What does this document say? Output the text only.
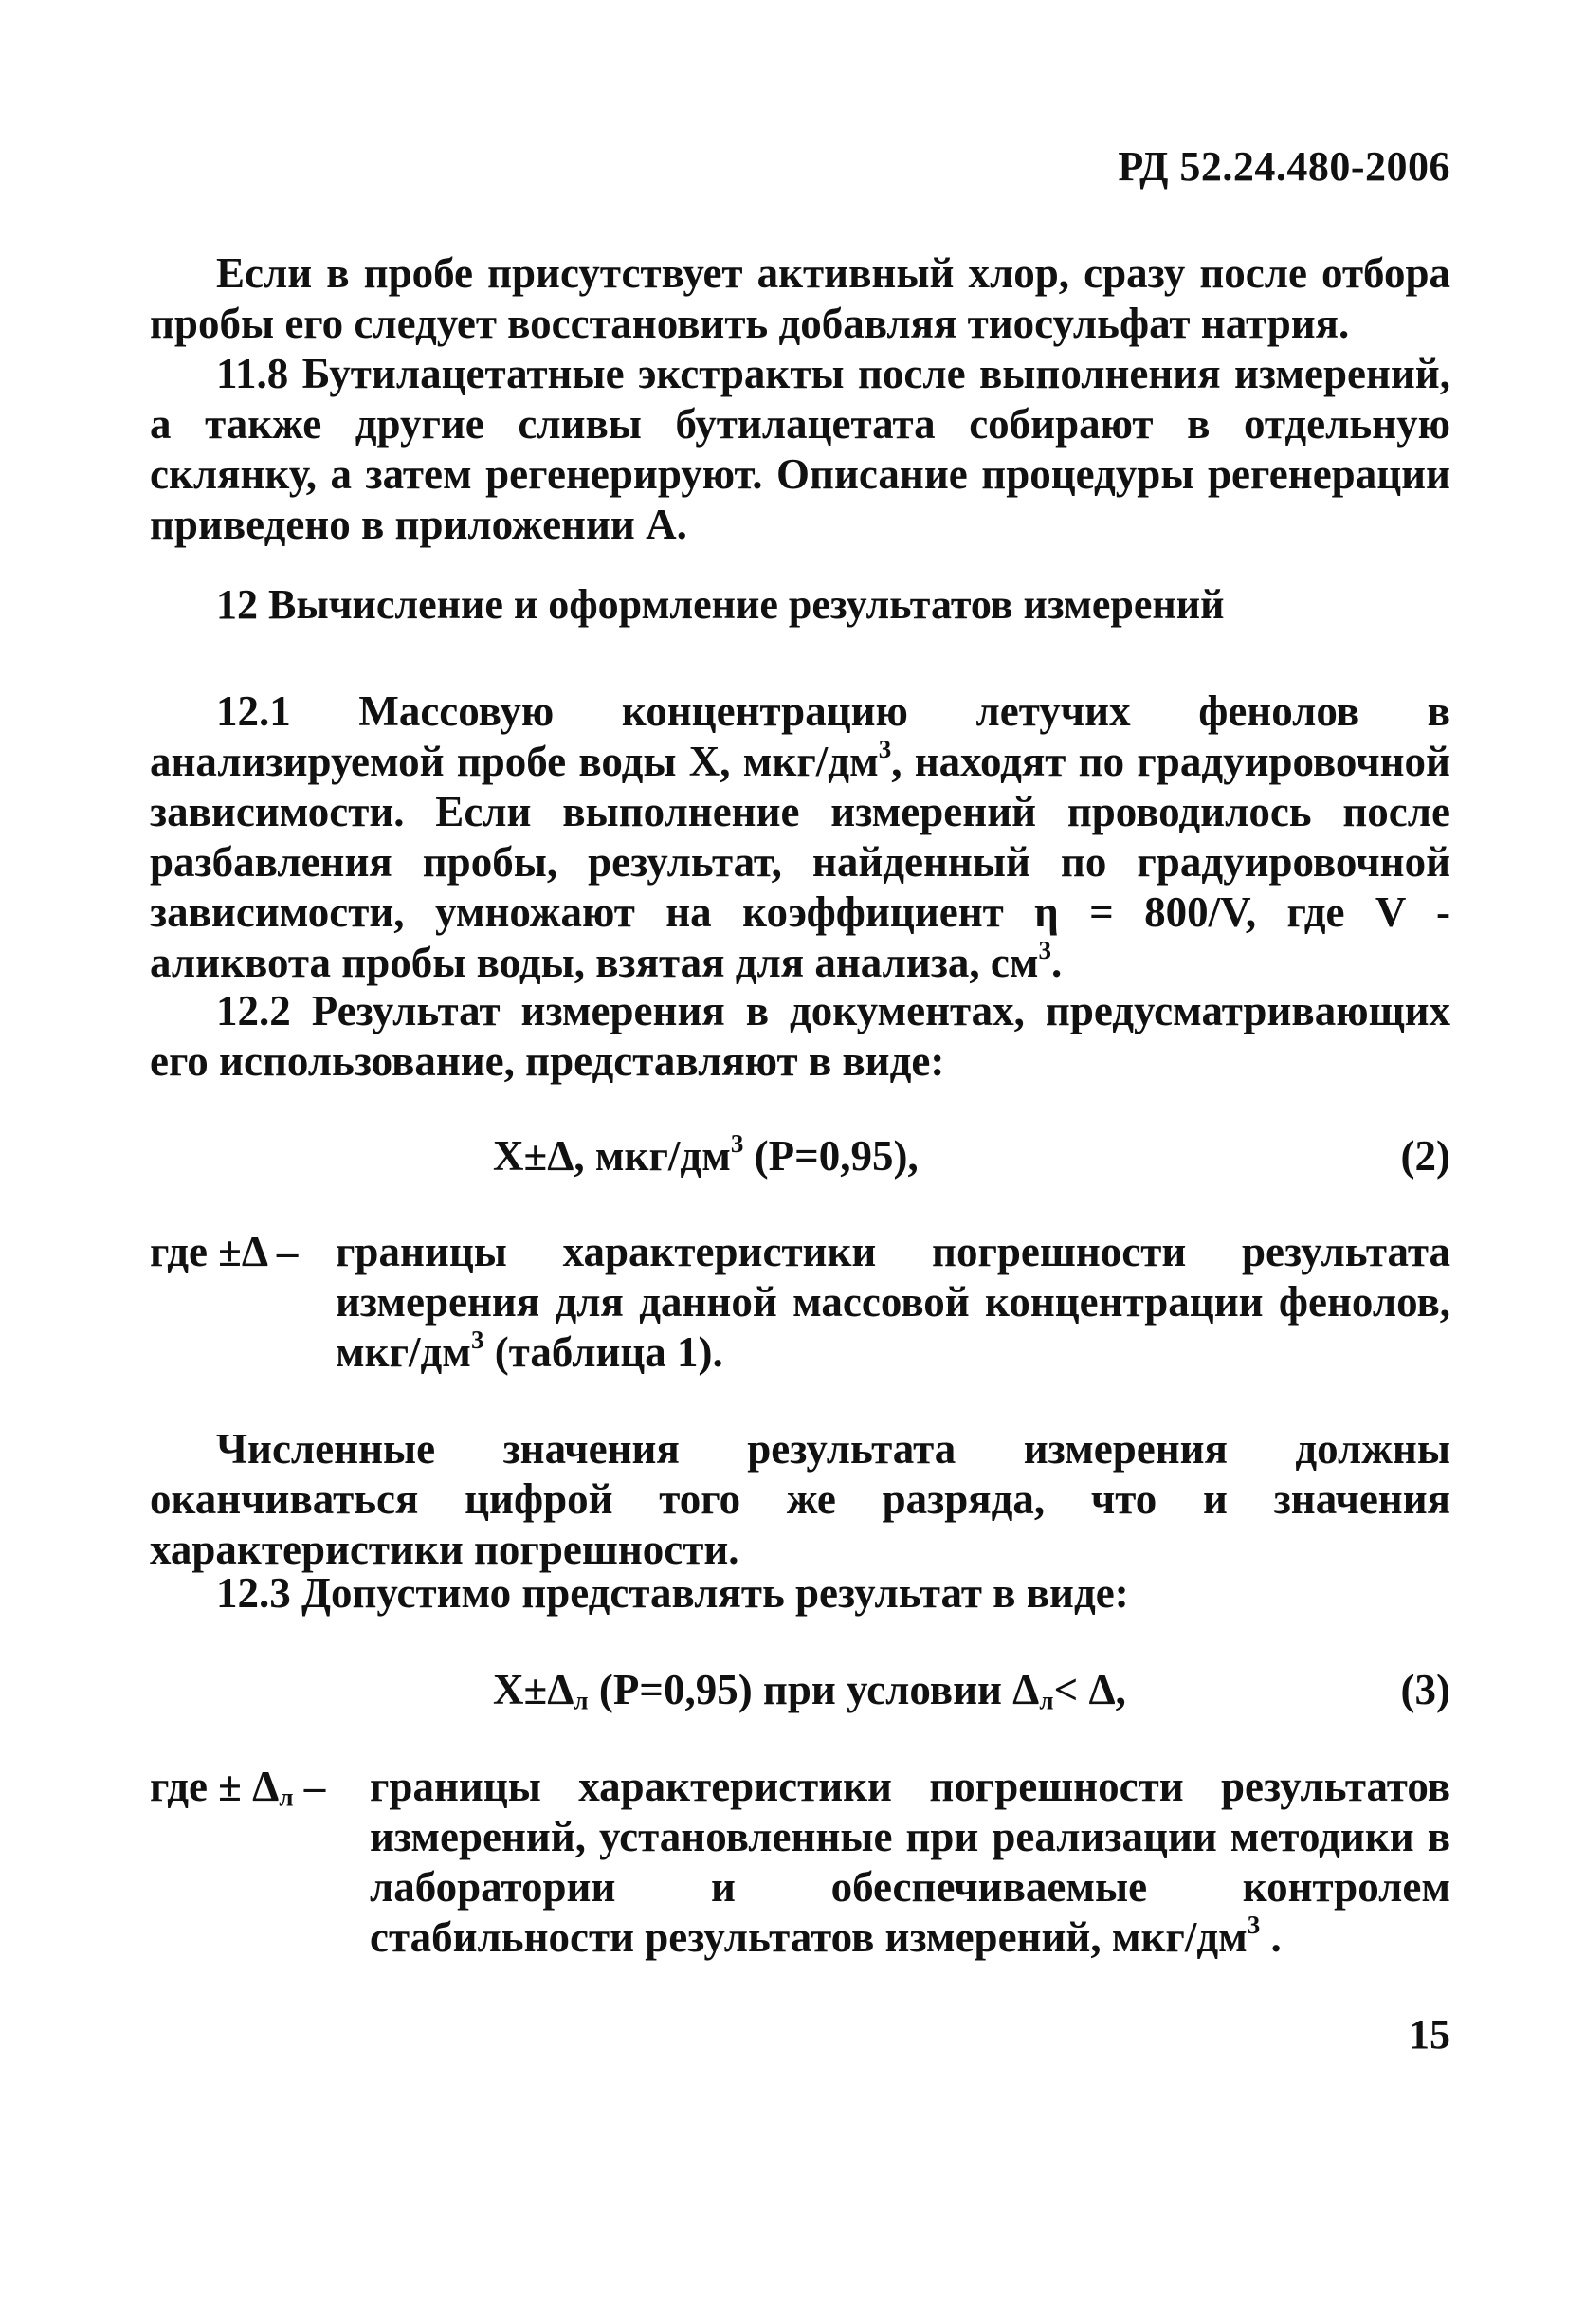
РД 52.24.480-2006

Если в пробе присутствует активный хлор, сразу после отбора пробы его следует восстановить добавляя тиосульфат натрия.

11.8 Бутилацетатные экстракты после выполнения измерений, а также другие сливы бутилацетата собирают в отдельную склянку, а затем регенерируют. Описание процедуры регенерации приведено в приложении А.

12 Вычисление и оформление результатов измерений

12.1 Массовую концентрацию летучих фенолов в анализируемой пробе воды X, мкг/$дм^3$, находят по градуировочной зависимости. Если выполнение измерений проводилось после разбавления пробы, результат, найденный по градуировочной зависимости, умножают на коэффициент η = 800/V, где V - аликвота пробы воды, взятая для анализа, $см^3$.

12.2 Результат измерения в документах, предусматривающих его использование, представляют в виде:

X±Δ, мкг/$дм^3$ (P=0,95),	(2)
где ±Δ – границы характеристики погрешности результата измерения для данной массовой концентрации фенолов, мкг/$дм^3$ (таблица 1).

Численные значения результата измерения должны оканчиваться цифрой того же разряда, что и значения характеристики погрешности.

12.3 Допустимо представлять результат в виде:

$X\pm\Delta_л$ (P=0,95) при условии $\Delta_л< \Delta$,	(3)
где ± $\Delta_л$ – границы характеристики погрешности результатов измерений, установленные при реализации методики в лаборатории и обеспечиваемые контролем стабильности результатов измерений, мкг/$дм^3$ .
15
